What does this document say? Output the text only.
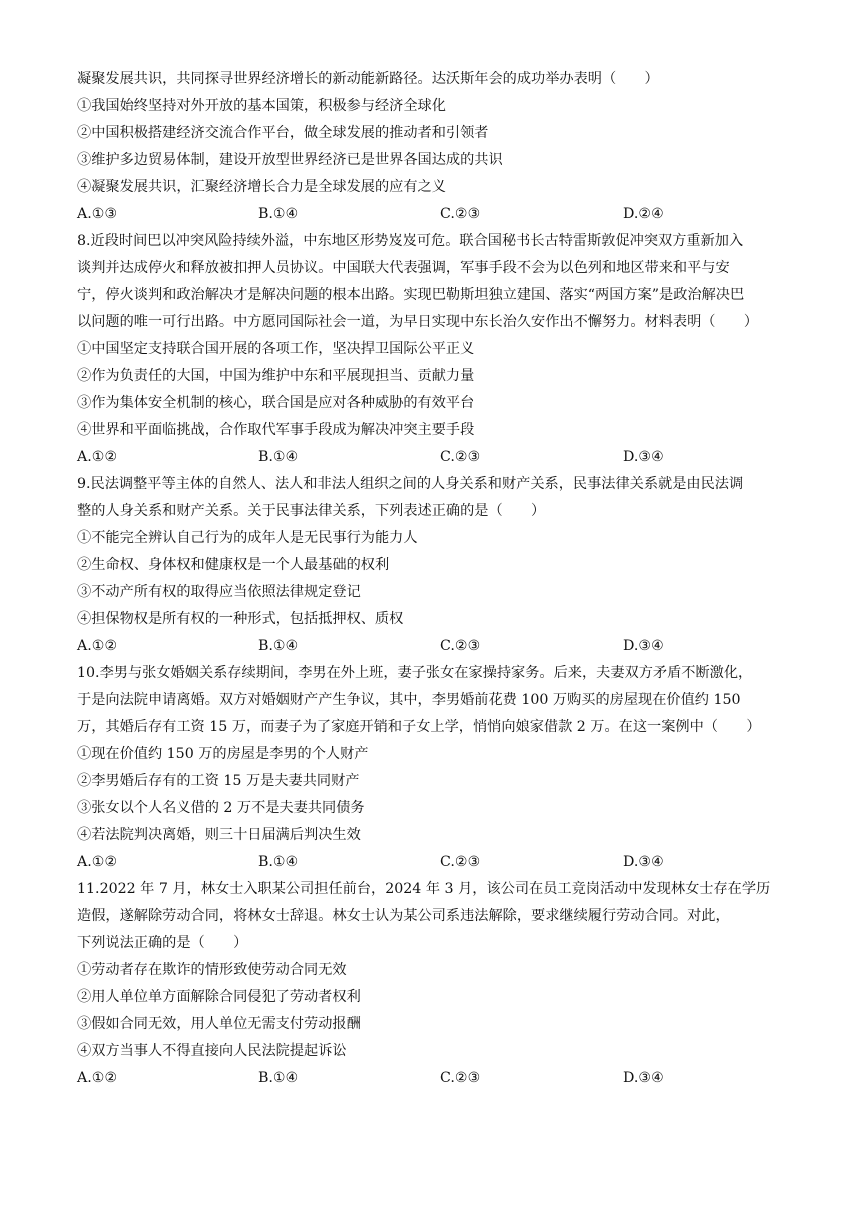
凝聚发展共识，共同探寻世界经济增长的新动能新路径。达沃斯年会的成功举办表明（　　）

①我国始终坚持对外开放的基本国策，积极参与经济全球化

②中国积极搭建经济交流合作平台，做全球发展的推动者和引领者

③维护多边贸易体制，建设开放型世界经济已是世界各国达成的共识

④凝聚发展共识，汇聚经济增长合力是全球发展的应有之义

A.①③	B.①④	C.②③	D.②④

8.近段时间巴以冲突风险持续外溢，中东地区形势岌岌可危。联合国秘书长古特雷斯敦促冲突双方重新加入

谈判并达成停火和释放被扣押人员协议。中国联大代表强调，军事手段不会为以色列和地区带来和平与安

宁，停火谈判和政治解决才是解决问题的根本出路。实现巴勒斯坦独立建国、落实“两国方案”是政治解决巴

以问题的唯一可行出路。中方愿同国际社会一道，为早日实现中东长治久安作出不懈努力。材料表明（　　）

①中国坚定支持联合国开展的各项工作，坚决捍卫国际公平正义

②作为负责任的大国，中国为维护中东和平展现担当、贡献力量

③作为集体安全机制的核心，联合国是应对各种威胁的有效平台

④世界和平面临挑战，合作取代军事手段成为解决冲突主要手段

A.①②	B.①④	C.②③	D.③④

9.民法调整平等主体的自然人、法人和非法人组织之间的人身关系和财产关系，民事法律关系就是由民法调

整的人身关系和财产关系。关于民事法律关系，下列表述正确的是（　　）

①不能完全辨认自己行为的成年人是无民事行为能力人

②生命权、身体权和健康权是一个人最基础的权利

③不动产所有权的取得应当依照法律规定登记

④担保物权是所有权的一种形式，包括抵押权、质权

A.①②	B.①④	C.②③	D.③④

10.李男与张女婚姻关系存续期间，李男在外上班，妻子张女在家操持家务。后来，夫妻双方矛盾不断激化，

于是向法院申请离婚。双方对婚姻财产产生争议，其中，李男婚前花费 100 万购买的房屋现在价值约 150

万，其婚后存有工资 15 万，而妻子为了家庭开销和子女上学，悄悄向娘家借款 2 万。在这一案例中（　　）

①现在价值约 150 万的房屋是李男的个人财产

②李男婚后存有的工资 15 万是夫妻共同财产

③张女以个人名义借的 2 万不是夫妻共同债务

④若法院判决离婚，则三十日届满后判决生效

A.①②	B.①④	C.②③	D.③④

11.2022 年 7 月，林女士入职某公司担任前台，2024 年 3 月，该公司在员工竞岗活动中发现林女士存在学历

造假，遂解除劳动合同，将林女士辞退。林女士认为某公司系违法解除，要求继续履行劳动合同。对此，

下列说法正确的是（　　）

①劳动者存在欺诈的情形致使劳动合同无效

②用人单位单方面解除合同侵犯了劳动者权利

③假如合同无效，用人单位无需支付劳动报酬

④双方当事人不得直接向人民法院提起诉讼

A.①②	B.①④	C.②③	D.③④
